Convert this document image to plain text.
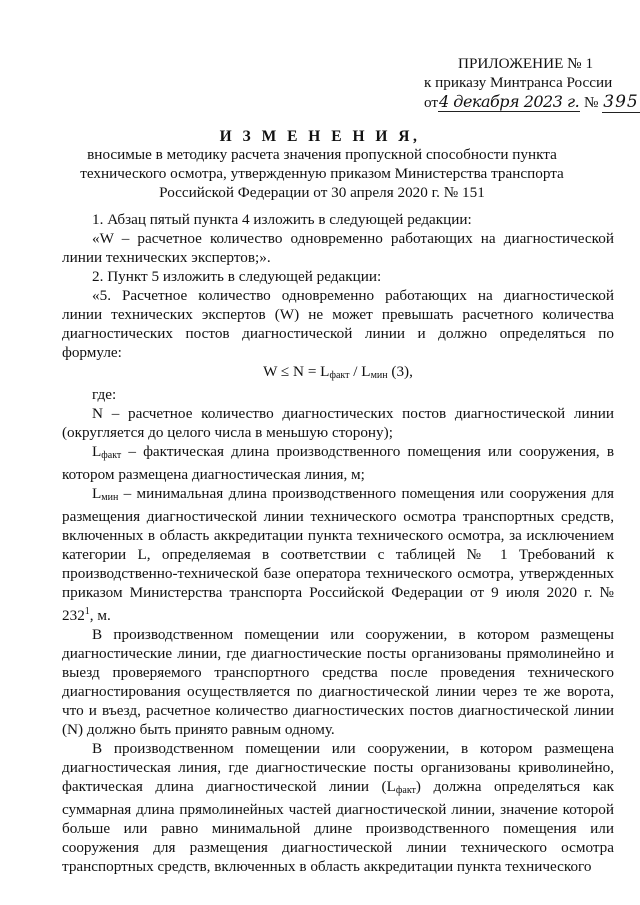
ПРИЛОЖЕНИЕ № 1
к приказу Минтранса России
от4 декабря 2023 г. № 395
И З М Е Н Е Н И Я,
вносимые в методику расчета значения пропускной способности пункта технического осмотра, утвержденную приказом Министерства транспорта Российской Федерации от 30 апреля 2020 г. № 151

1. Абзац пятый пункта 4 изложить в следующей редакции:

«W – расчетное количество одновременно работающих на диагностической линии технических экспертов;».

2. Пункт 5 изложить в следующей редакции:

«5. Расчетное количество одновременно работающих на диагностической линии технических экспертов (W) не может превышать расчетного количества диагностических постов диагностической линии и должно определяться по формуле:

$W \le N = L_{факт} / L_{мин}$ (3),

где:

N – расчетное количество диагностических постов диагностической линии (округляется до целого числа в меньшую сторону);

$L_{факт}$ – фактическая длина производственного помещения или сооружения, в котором размещена диагностическая линия, м;

$L_{мин}$ – минимальная длина производственного помещения или сооружения для размещения диагностической линии технического осмотра транспортных средств, включенных в область аккредитации пункта технического осмотра, за исключением категории L, определяемая в соответствии с таблицей № 1 Требований к производственно-технической базе оператора технического осмотра, утвержденных приказом Министерства транспорта Российской Федерации от 9 июля 2020 г. № $232^1$, м.

В производственном помещении или сооружении, в котором размещены диагностические линии, где диагностические посты организованы прямолинейно и выезд проверяемого транспортного средства после проведения технического диагностирования осуществляется по диагностической линии через те же ворота, что и въезд, расчетное количество диагностических постов диагностической линии (N) должно быть принято равным одному.

В производственном помещении или сооружении, в котором размещена диагностическая линия, где диагностические посты организованы криволинейно, фактическая длина диагностической линии $(L_{факт})$ должна определяться как суммарная длина прямолинейных частей диагностической линии, значение которой больше или равно минимальной длине производственного помещения или сооружения для размещения диагностической линии технического осмотра транспортных средств, включенных в область аккредитации пункта технического
